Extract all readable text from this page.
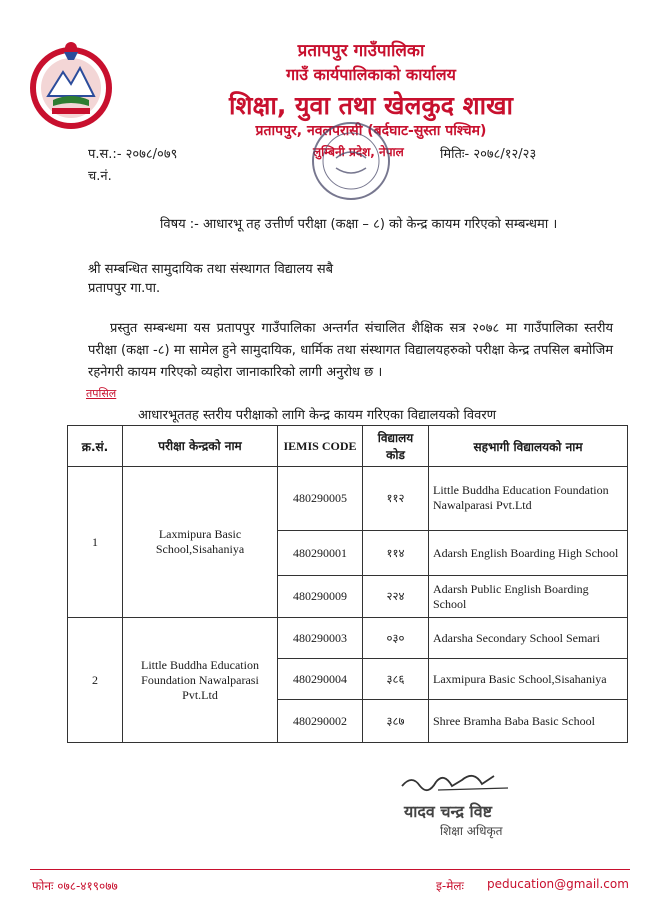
प्रतापपुर गाउँपालिका
गाउँ कार्यपालिकाको कार्यालय
शिक्षा, युवा तथा खेलकुद शाखा
प्रतापपुर, नवलपरासी (बर्दघाट-सुस्ता पश्चिम)
लुम्बिनी प्रदेश, नेपाल
प.स.:- २०७८/०७९	मितिः- २०७८/१२/२३
च.नं.
विषय :- आधारभू तह उत्तीर्ण परीक्षा (कक्षा – ८) को केन्द्र कायम गरिएको सम्बन्धमा ।
श्री सम्बन्धित सामुदायिक तथा संस्थागत विद्यालय सबै
प्रतापपुर गा.पा.
प्रस्तुत सम्बन्धमा यस प्रतापपुर गाउँपालिका अन्तर्गत संचालित शैक्षिक सत्र २०७८ मा गाउँपालिका स्तरीय परीक्षा (कक्षा -८) मा सामेल हुने सामुदायिक, धार्मिक तथा संस्थागत विद्यालयहरुको परीक्षा केन्द्र तपसिल बमोजिम रहनेगरी कायम गरिएको व्यहोरा जानाकारिको लागी अनुरोध छ ।
तपसिल
आधारभूततह स्तरीय परीक्षाको लागि केन्द्र कायम गरिएका विद्यालयको विवरण
क्र.सं.	परीक्षा केन्द्रको नाम	IEMIS CODE	विद्यालय कोड	सहभागी विद्यालयको नाम
1	Laxmipura Basic School,Sisahaniya	480290005	११२	Little Buddha Education Foundation Nawalparasi Pvt.Ltd
		480290001	११४	Adarsh English Boarding High School
		480290009	२२४	Adarsh Public English Boarding School
2	Little Buddha Education Foundation Nawalparasi Pvt.Ltd	480290003	०३०	Adarsha Secondary School Semari
		480290004	३८६	Laxmipura Basic School,Sisahaniya
		480290002	३८७	Shree Bramha Baba Basic School
यादव चन्द्र विष्ट
शिक्षा अधिकृत
फोनः ०७८-४१९०७७	इ-मेलः peducation@gmail.com
